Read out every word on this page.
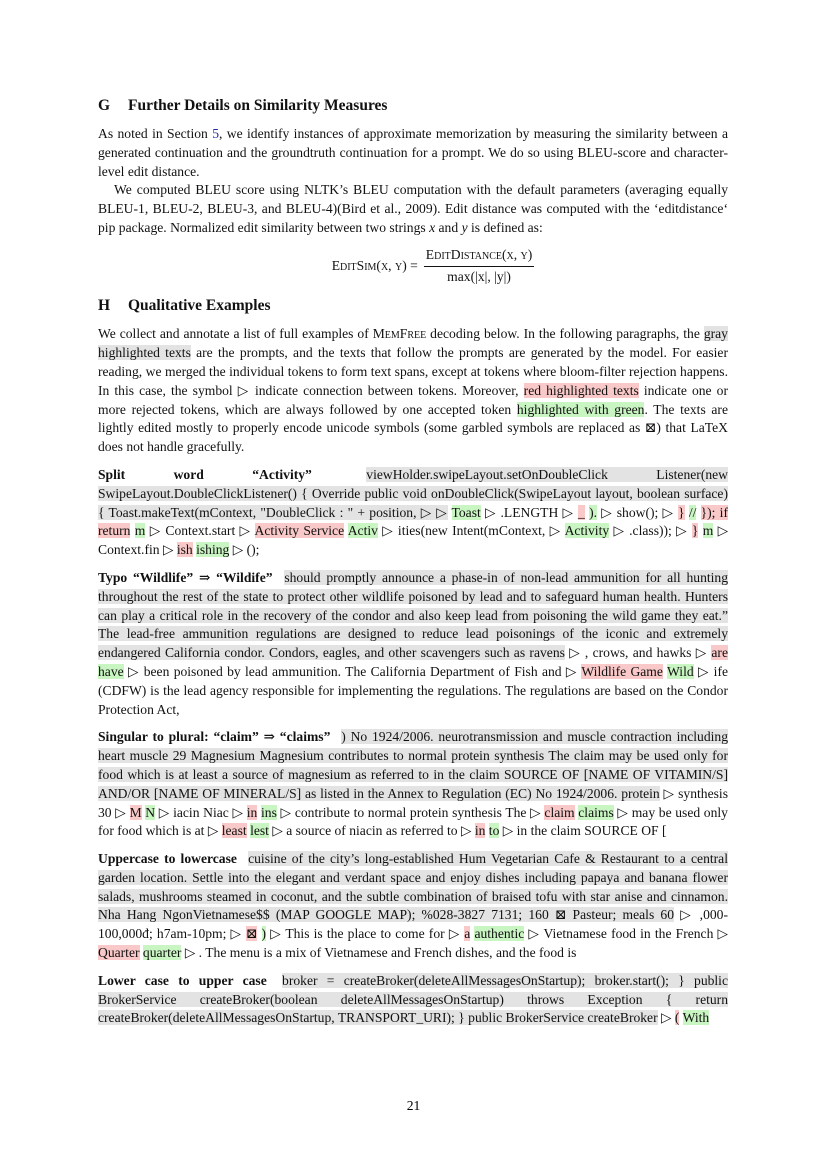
G Further Details on Similarity Measures

As noted in Section 5, we identify instances of approximate memorization by measuring the similarity between a generated continuation and the groundtruth continuation for a prompt. We do so using BLEU-score and character-level edit distance.

We computed BLEU score using NLTK’s BLEU computation with the default parameters (averaging equally BLEU-1, BLEU-2, BLEU-3, and BLEU-4)(Bird et al., 2009). Edit distance was computed with the ‘editdistance‘ pip package. Normalized edit similarity between two strings x and y is defined as:

EditSim(x, $y) = \frac{\text{EditDistance(x, y)}}{\max(|x|, |y|)}$
H Qualitative Examples

We collect and annotate a list of full examples of MemFree decoding below. In the following paragraphs, the gray highlighted texts are the prompts, and the texts that follow the prompts are generated by the model. For easier reading, we merged the individual tokens to form text spans, except at tokens where bloom-filter rejection happens. In this case, the symbol ▷ indicate connection between tokens. Moreover, red highlighted texts indicate one or more rejected tokens, which are always followed by one accepted token highlighted with green. The texts are lightly edited mostly to properly encode unicode symbols (some garbled symbols are replaced as ⊠) that LaTeX does not handle gracefully.

Split word “Activity”	viewHolder.swipeLayout.setOnDoubleClick Listener(new SwipeLayout.DoubleClickListener() { Override public void onDoubleClick(SwipeLayout layout, boolean surface) { Toast.makeText(mContext, "DoubleClick : " + position, ▷ ▷ Toast ▷ .LENGTH ▷ _ ). ▷ show(); ▷ } // }); if return m ▷ Context.start ▷ Activity Service Activ ▷ ities(new Intent(mContext, ▷ Activity ▷ .class)); ▷ } m ▷ Context.fin ▷ ish ishing ▷ ();

Typo “Wildlife” ⇒ “Wildife” should promptly announce a phase-in of non-lead ammunition for all hunting throughout the rest of the state to protect other wildlife poisoned by lead and to safeguard human health. Hunters can play a critical role in the recovery of the condor and also keep lead from poisoning the wild game they eat.” The lead-free ammunition regulations are designed to reduce lead poisonings of the iconic and extremely endangered California condor. Condors, eagles, and other scavengers such as ravens ▷ , crows, and hawks ▷ are have ▷ been poisoned by lead ammunition. The California Department of Fish and ▷ Wildlife Game Wild ▷ ife (CDFW) is the lead agency responsible for implementing the regulations. The regulations are based on the Condor Protection Act,

Singular to plural: “claim” ⇒ “claims” ) No 1924/2006. neurotransmission and muscle contraction including heart muscle 29 Magnesium Magnesium contributes to normal protein synthesis The claim may be used only for food which is at least a source of magnesium as referred to in the claim SOURCE OF [NAME OF VITAMIN/S] AND/OR [NAME OF MINERAL/S] as listed in the Annex to Regulation (EC) No 1924/2006. protein ▷ synthesis 30 ▷ M N ▷ iacin Niac ▷ in ins ▷ contribute to normal protein synthesis The ▷ claim claims ▷ may be used only for food which is at ▷ least lest ▷ a source of niacin as referred to ▷ in to ▷ in the claim SOURCE OF [

Uppercase to lowercase cuisine of the city’s long-established Hum Vegetarian Cafe & Restaurant to a central garden location. Settle into the elegant and verdant space and enjoy dishes including papaya and banana flower salads, mushrooms steamed in coconut, and the subtle combination of braised tofu with star anise and cinnamon. Nha Hang NgonVietnamese$$ (MAP GOOGLE MAP); %028-3827 7131; 160 ⊠ Pasteur; meals 60 ▷ ,000-100,000đ; h7am-10pm; ▷ ⊠ ) ▷ This is the place to come for ▷ a authentic ▷ Vietnamese food in the French ▷ Quarter quarter ▷ . The menu is a mix of Vietnamese and French dishes, and the food is

Lower case to upper case broker = createBroker(deleteAllMessagesOnStartup); broker.start(); } public BrokerService createBroker(boolean deleteAllMessagesOnStartup) throws Exception { return createBroker(deleteAllMessagesOnStartup, TRANSPORT_URI); } public BrokerService createBroker ▷ ( With

21
